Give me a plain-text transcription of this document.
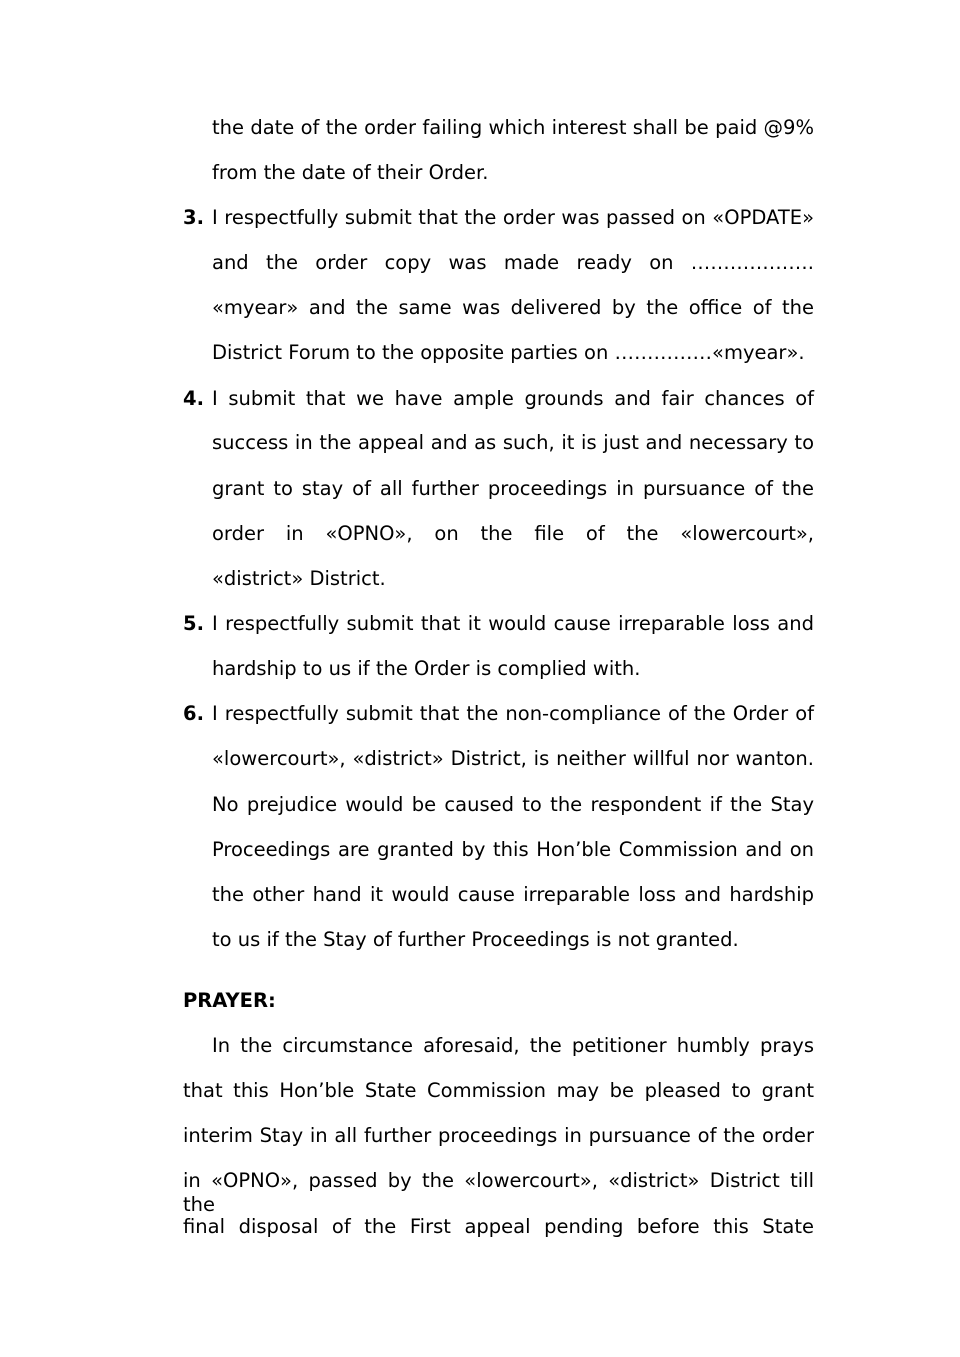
the date of the order failing which interest shall be paid @9%
from the date of their Order.
3. I respectfully submit that the order was passed on «OPDATE»
and the order copy was made ready on ……………….
«myear» and the same was delivered by the office of the
District Forum to the opposite parties on ……………«myear».
4. I submit that we have ample grounds and fair chances of
success in the appeal and as such, it is just and necessary to
grant to stay of all further proceedings in pursuance of the
order in «OPNO», on the file of the «lowercourt»,
«district» District.
5. I respectfully submit that it would cause irreparable loss and
hardship to us if the Order is complied with.
6. I respectfully submit that the non-compliance of the Order of
«lowercourt», «district» District, is neither willful nor wanton.
No prejudice would be caused to the respondent if the Stay
Proceedings are granted by this Hon’ble Commission and on
the other hand it would cause irreparable loss and hardship
to us if the Stay of further Proceedings is not granted.
PRAYER:
In the circumstance aforesaid, the petitioner humbly prays
that this Hon’ble State Commission may be pleased to grant
interim Stay in all further proceedings in pursuance of the order
in «OPNO», passed by the «lowercourt», «district» District till the
final disposal of the First appeal pending before this State
